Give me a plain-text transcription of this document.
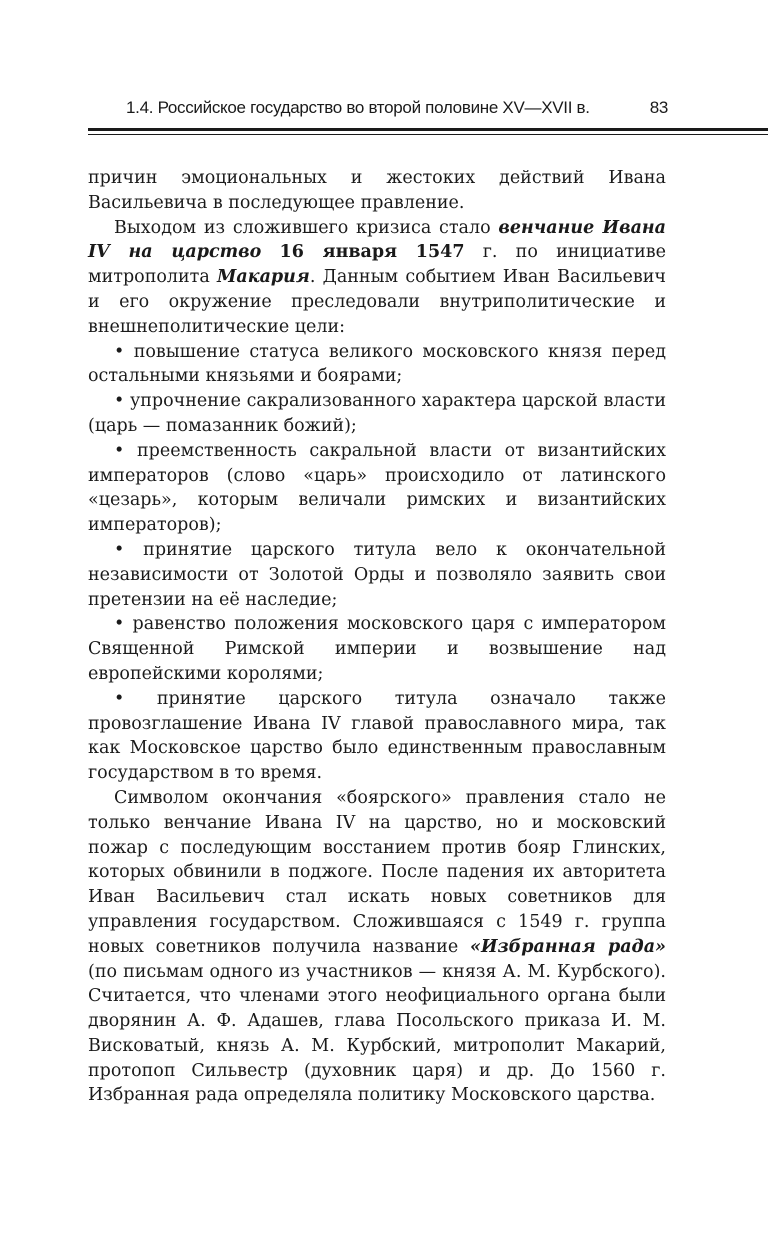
1.4. Российское государство во второй половине XV—XVII в.	83

причин эмоциональных и жестоких действий Ивана Васильевича в последующее правление.

Выходом из сложившего кризиса стало венчание Ивана IV на царство 16 января 1547 г. по инициативе митрополита Макария. Данным событием Иван Васильевич и его окружение преследовали внутриполитические и внешнеполитические цели:

• повышение статуса великого московского князя перед остальными князьями и боярами;

• упрочнение сакрализованного характера царской власти (царь — помазанник божий);

• преемственность сакральной власти от византийских императоров (слово «царь» происходило от латинского «цезарь», которым величали римских и византийских императоров);

• принятие царского титула вело к окончательной независимости от Золотой Орды и позволяло заявить свои претензии на её наследие;

• равенство положения московского царя с императором Священной Римской империи и возвышение над европейскими королями;

• принятие царского титула означало также провозглашение Ивана IV главой православного мира, так как Московское царство было единственным православным государством в то время.

Символом окончания «боярского» правления стало не только венчание Ивана IV на царство, но и московский пожар с последующим восстанием против бояр Глинских, которых обвинили в поджоге. После падения их авторитета Иван Васильевич стал искать новых советников для управления государством. Сложившаяся с 1549 г. группа новых советников получила название «Избранная рада» (по письмам одного из участников — князя А. М. Курбского). Считается, что членами этого неофициального органа были дворянин А. Ф. Адашев, глава Посольского приказа И. М. Висковатый, князь А. М. Курбский, митрополит Макарий, протопоп Сильвестр (духовник царя) и др. До 1560 г. Избранная рада определяла политику Московского царства.
